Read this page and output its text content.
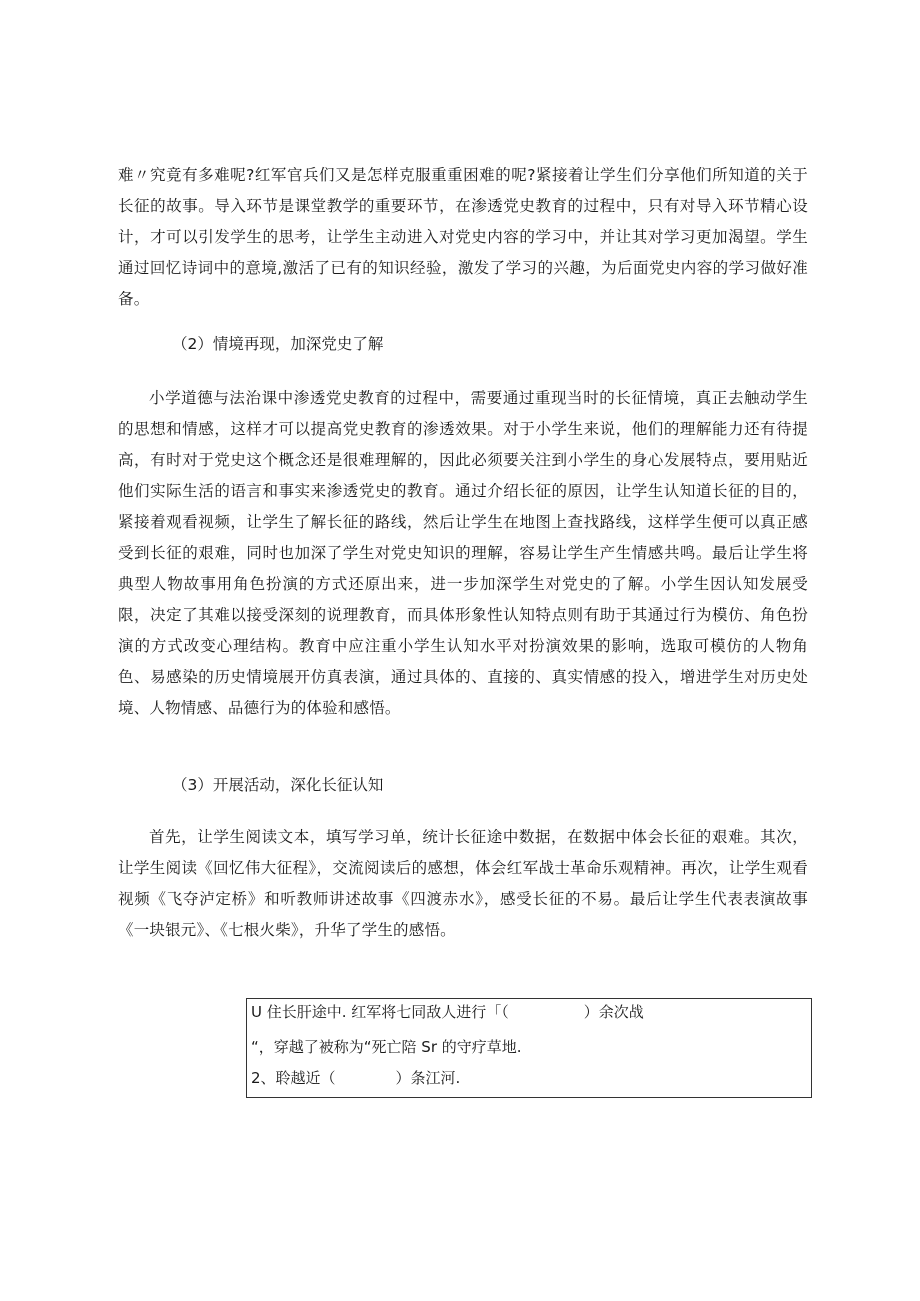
难〃究竟有多难呢?红军官兵们又是怎样克服重重困难的呢?紧接着让学生们分享他们所知道的关于长征的故事。导入环节是课堂教学的重要环节，在渗透党史教育的过程中，只有对导入环节精心设计，才可以引发学生的思考，让学生主动进入对党史内容的学习中，并让其对学习更加渴望。学生通过回忆诗词中的意境,激活了已有的知识经验，激发了学习的兴趣，为后面党史内容的学习做好准备。

（2）情境再现，加深党史了解

小学道德与法治课中渗透党史教育的过程中，需要通过重现当时的长征情境，真正去触动学生的思想和情感，这样才可以提高党史教育的渗透效果。对于小学生来说，他们的理解能力还有待提高，有时对于党史这个概念还是很难理解的，因此必须要关注到小学生的身心发展特点，要用贴近他们实际生活的语言和事实来渗透党史的教育。通过介绍长征的原因，让学生认知道长征的目的，紧接着观看视频，让学生了解长征的路线，然后让学生在地图上查找路线，这样学生便可以真正感受到长征的艰难，同时也加深了学生对党史知识的理解，容易让学生产生情感共鸣。最后让学生将典型人物故事用角色扮演的方式还原出来，进一步加深学生对党史的了解。小学生因认知发展受限，决定了其难以接受深刻的说理教育，而具体形象性认知特点则有助于其通过行为模仿、角色扮演的方式改变心理结构。教育中应注重小学生认知水平对扮演效果的影响，选取可模仿的人物角色、易感染的历史情境展开仿真表演，通过具体的、直接的、真实情感的投入，增进学生对历史处境、人物情感、品德行为的体验和感悟。

（3）开展活动，深化长征认知

首先，让学生阅读文本，填写学习单，统计长征途中数据，在数据中体会长征的艰难。其次，让学生阅读《回忆伟大征程》，交流阅读后的感想，体会红军战士革命乐观精神。再次，让学生观看视频《飞夺泸定桥》和听教师讲述故事《四渡赤水》，感受长征的不易。最后让学生代表表演故事《一块银元》、《七根火柴》，升华了学生的感悟。

U 住长肝途中. 红军将七同敌人进行「（　　　　　）余次战
“，穿越了被称为“死亡陪 Sr 的守疗草地.
2、聆越近（　　　　）条江河.
